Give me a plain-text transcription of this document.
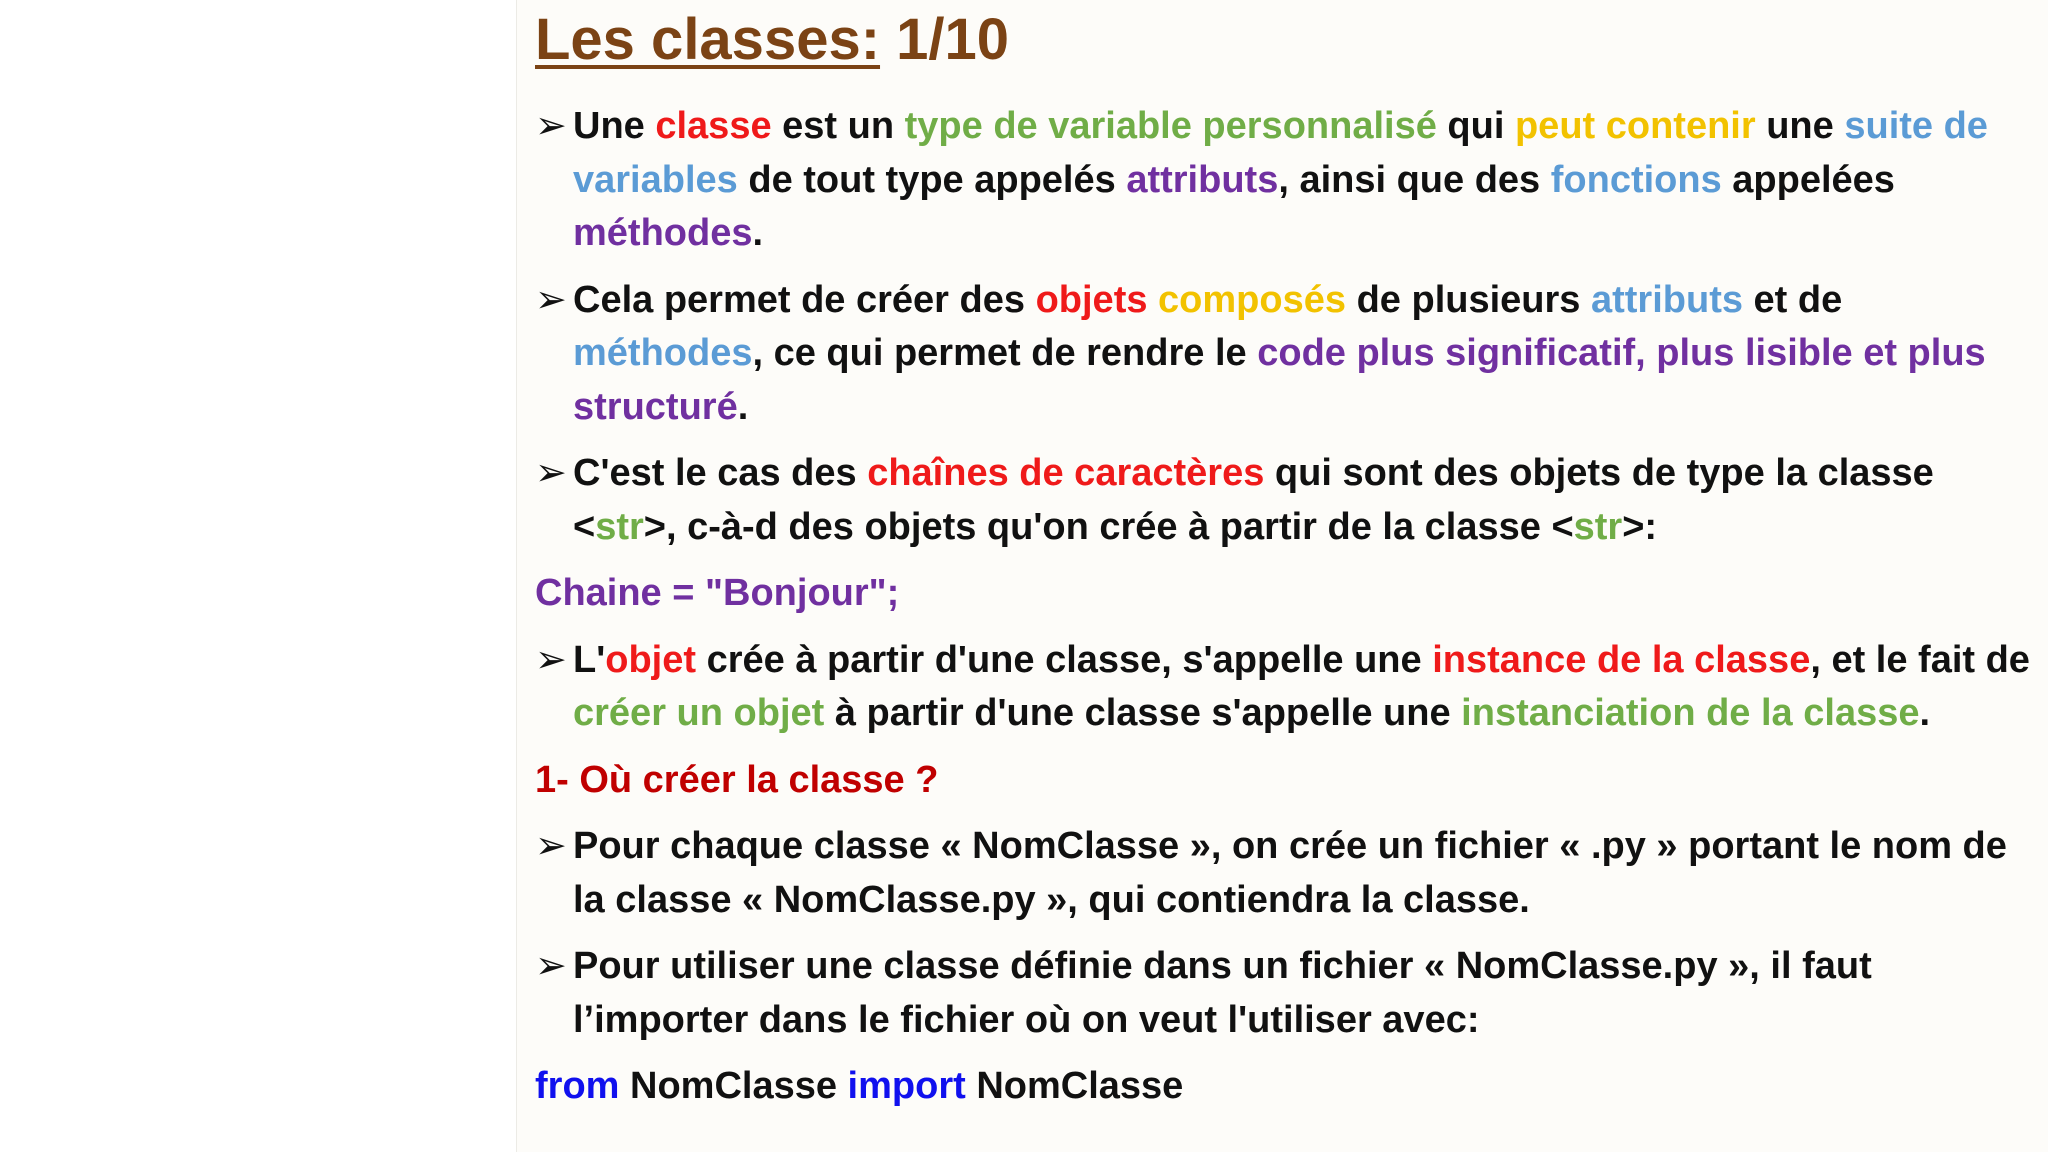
Les classes: 1/10
➢ Une classe est un type de variable personnalisé qui peut contenir une suite de variables de tout type appelés attributs, ainsi que des fonctions appelées méthodes.
➢ Cela permet de créer des objets composés de plusieurs attributs et de méthodes, ce qui permet de rendre le code plus significatif, plus lisible et plus structuré.
➢ C'est le cas des chaînes de caractères qui sont des objets de type la classe <str>, c-à-d des objets qu'on crée à partir de la classe <str>:
Chaine = "Bonjour";
➢ L'objet crée à partir d'une classe, s'appelle une instance de la classe, et le fait de créer un objet à partir d'une classe s'appelle une instanciation de la classe.
1- Où créer la classe ?
➢ Pour chaque classe « NomClasse », on crée un fichier « .py » portant le nom de la classe « NomClasse.py », qui contiendra la classe.
➢ Pour utiliser une classe définie dans un fichier « NomClasse.py », il faut l’importer dans le fichier où on veut l'utiliser avec:
from NomClasse import NomClasse
